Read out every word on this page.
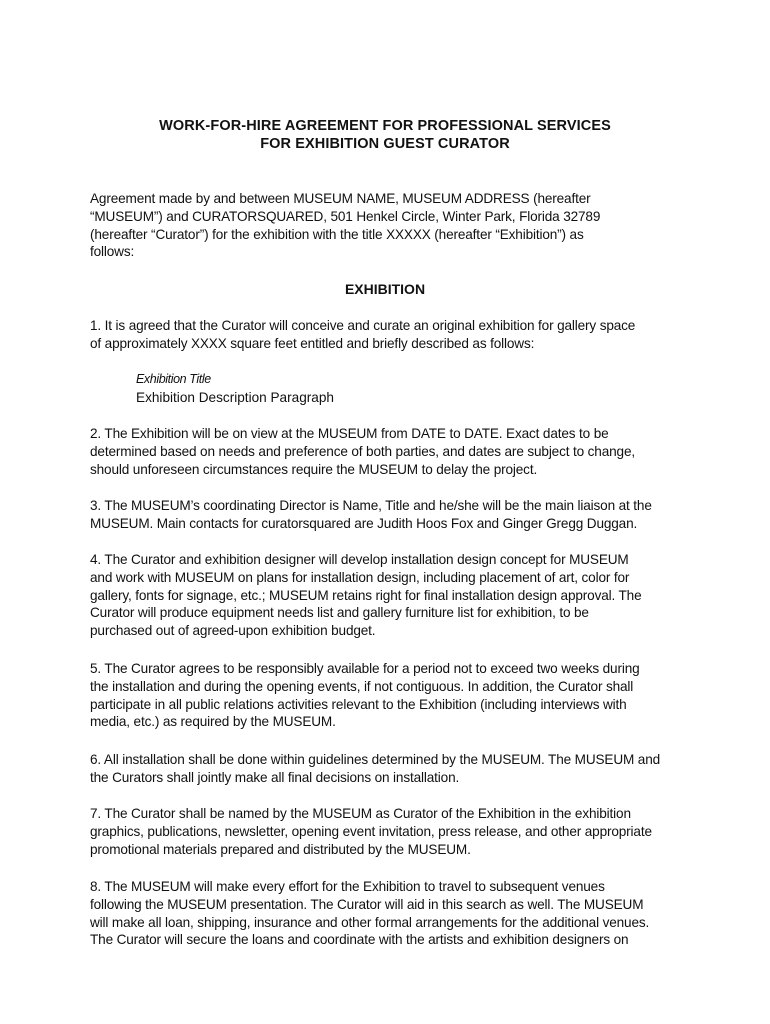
WORK-FOR-HIRE AGREEMENT FOR PROFESSIONAL SERVICES
FOR EXHIBITION GUEST CURATOR

Agreement made by and between MUSEUM NAME, MUSEUM ADDRESS (hereafter

“MUSEUM”) and CURATORSQUARED, 501 Henkel Circle, Winter Park, Florida 32789

(hereafter “Curator”) for the exhibition with the title XXXXX (hereafter “Exhibition”) as

follows:

EXHIBITION

1. It is agreed that the Curator will conceive and curate an original exhibition for gallery space

of approximately XXXX square feet entitled and briefly described as follows:

Exhibition Title
Exhibition Description Paragraph

2. The Exhibition will be on view at the MUSEUM from DATE to DATE. Exact dates to be

determined based on needs and preference of both parties, and dates are subject to change,

should unforeseen circumstances require the MUSEUM to delay the project.

3. The MUSEUM’s coordinating Director is Name, Title and he/she will be the main liaison at the

MUSEUM. Main contacts for curatorsquared are Judith Hoos Fox and Ginger Gregg Duggan.

4. The Curator and exhibition designer will develop installation design concept for MUSEUM

and work with MUSEUM on plans for installation design, including placement of art, color for

gallery, fonts for signage, etc.; MUSEUM retains right for final installation design approval. The

Curator will produce equipment needs list and gallery furniture list for exhibition, to be

purchased out of agreed-upon exhibition budget.

5. The Curator agrees to be responsibly available for a period not to exceed two weeks during

the installation and during the opening events, if not contiguous. In addition, the Curator shall

participate in all public relations activities relevant to the Exhibition (including interviews with

media, etc.) as required by the MUSEUM.

6. All installation shall be done within guidelines determined by the MUSEUM. The MUSEUM and

the Curators shall jointly make all final decisions on installation.

7. The Curator shall be named by the MUSEUM as Curator of the Exhibition in the exhibition

graphics, publications, newsletter, opening event invitation, press release, and other appropriate

promotional materials prepared and distributed by the MUSEUM.

8. The MUSEUM will make every effort for the Exhibition to travel to subsequent venues

following the MUSEUM presentation. The Curator will aid in this search as well. The MUSEUM

will make all loan, shipping, insurance and other formal arrangements for the additional venues.

The Curator will secure the loans and coordinate with the artists and exhibition designers on
